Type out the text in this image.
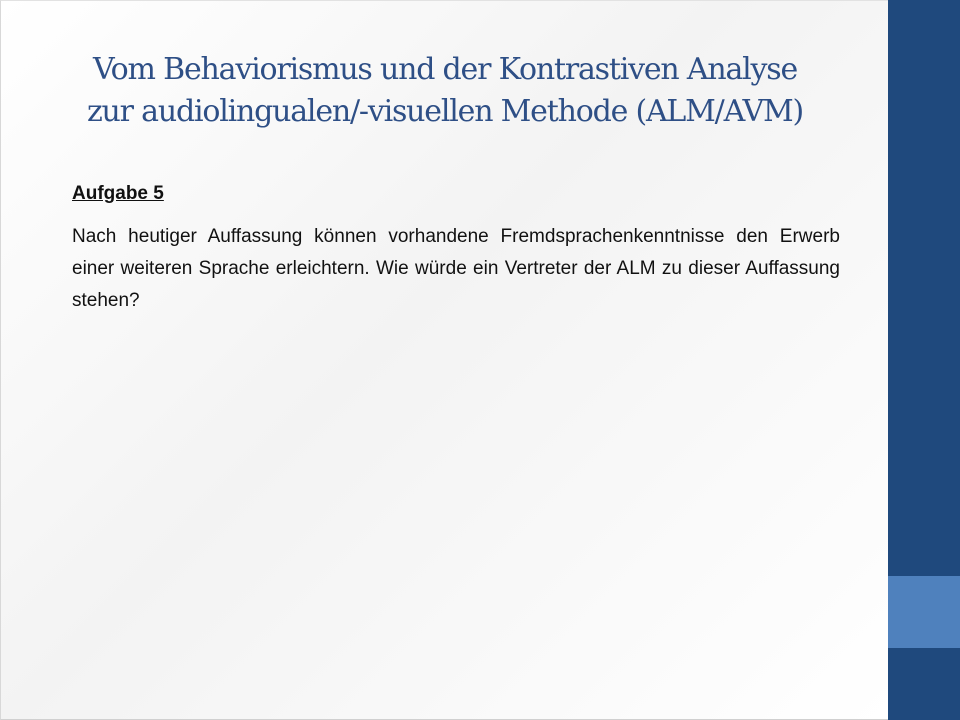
Vom Behaviorismus und der Kontrastiven Analyse
zur audiolingualen/-visuellen Methode (ALM/AVM)

Aufgabe 5

Nach heutiger Auffassung können vorhandene Fremdsprachenkenntnisse den Erwerb einer weiteren Sprache erleichtern. Wie würde ein Vertreter der ALM zu dieser Auffassung stehen?
